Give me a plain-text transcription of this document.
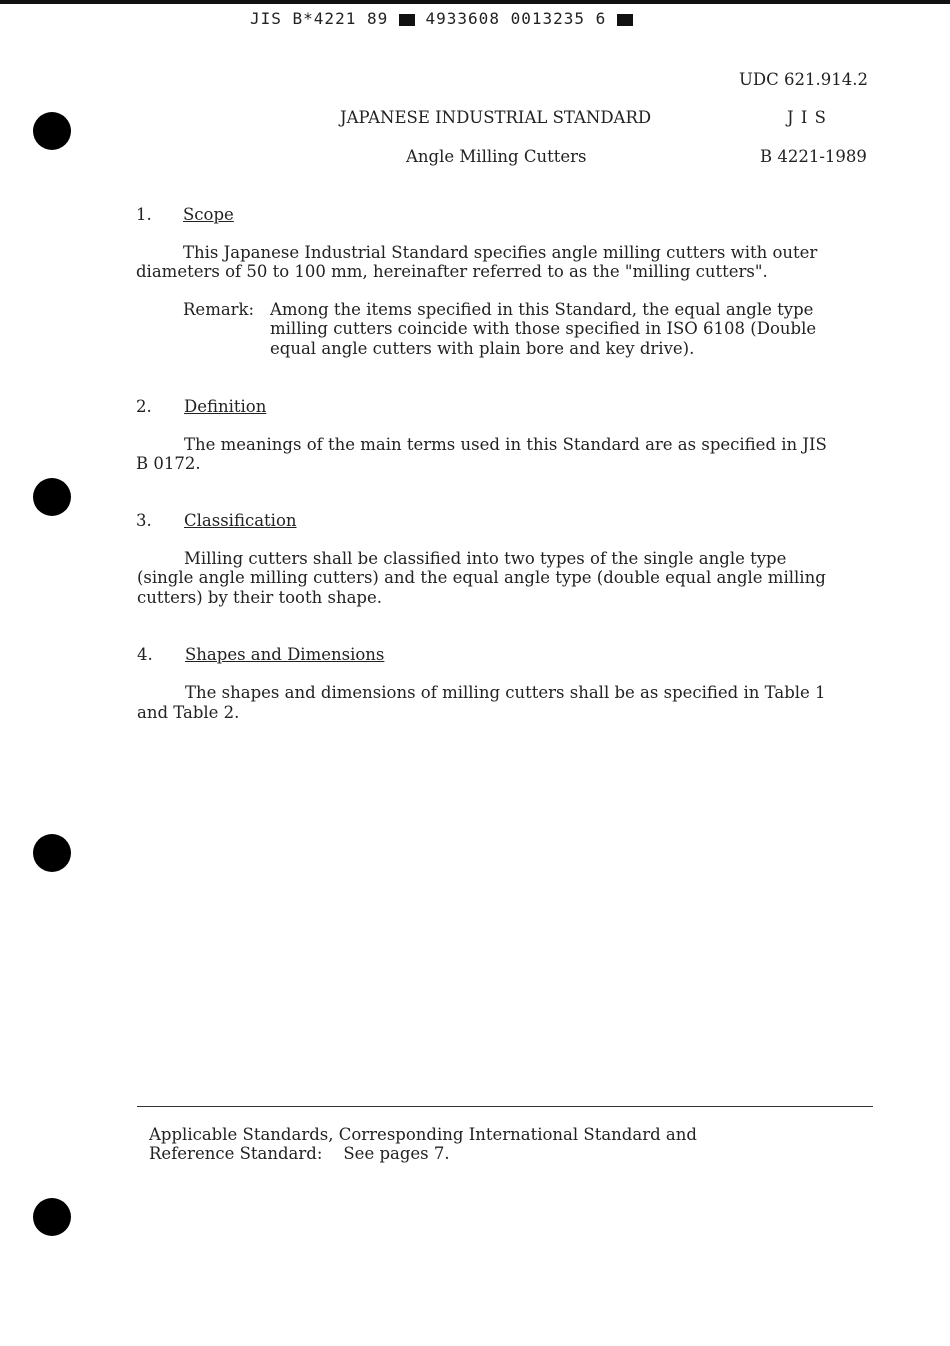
JIS B*4221 89 4933608 0013235 6
UDC 621.914.2
JAPANESE INDUSTRIAL STANDARD	J I S
Angle Milling Cutters	B 4221-1989
1. Scope
This Japanese Industrial Standard specifies angle milling cutters with outer
diameters of 50 to 100 mm, hereinafter referred to as the "milling cutters".
Remark: Among the items specified in this Standard, the equal angle type
milling cutters coincide with those specified in ISO 6108 (Double
equal angle cutters with plain bore and key drive).
2. Definition
The meanings of the main terms used in this Standard are as specified in JIS
B 0172.
3. Classification
Milling cutters shall be classified into two types of the single angle type
(single angle milling cutters) and the equal angle type (double equal angle milling
cutters) by their tooth shape.
4. Shapes and Dimensions
The shapes and dimensions of milling cutters shall be as specified in Table 1
and Table 2.
Applicable Standards, Corresponding International Standard and
Reference Standard:    See pages 7.
